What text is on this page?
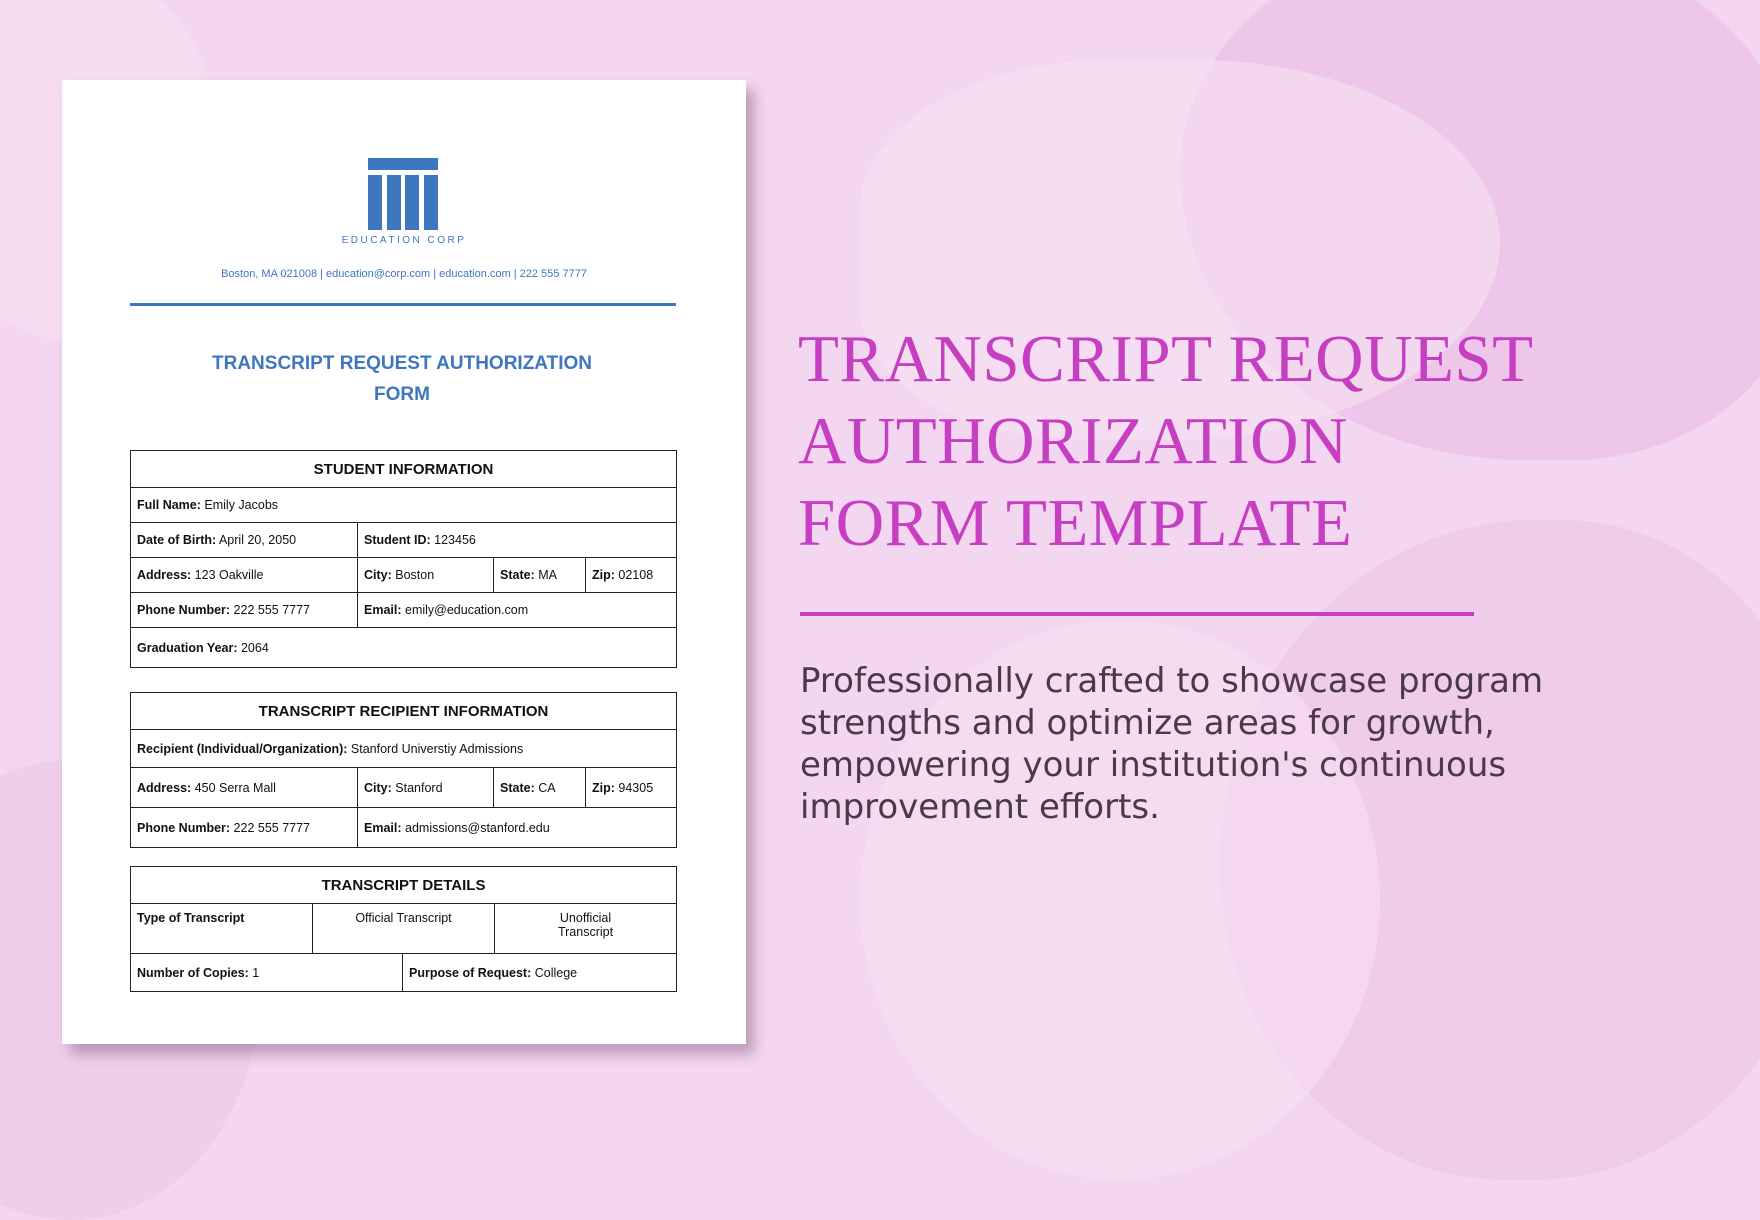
EDUCATION CORP
Boston, MA 021008 | education@corp.com | education.com | 222 555 7777
TRANSCRIPT REQUEST AUTHORIZATION
FORM
STUDENT INFORMATION			
Full Name: Emily Jacobs			
Date of Birth: April 20, 2050	Student ID: 123456		
Address: 123 Oakville	City: Boston	State: MA	Zip: 02108
Phone Number: 222 555 7777	Email: emily@education.com		
Graduation Year: 2064			
TRANSCRIPT RECIPIENT INFORMATION			
Recipient (Individual/Organization): Stanford Universtiy Admissions			
Address: 450 Serra Mall	City: Stanford	State: CA	Zip: 94305
Phone Number: 222 555 7777	Email: admissions@stanford.edu		
TRANSCRIPT DETAILS			
Type of Transcript	Official Transcript		Unofficial
Transcript
Number of Copies: 1		Purpose of Request: College	
TRANSCRIPT REQUEST
AUTHORIZATION
FORM TEMPLATE
Professionally crafted to showcase program strengths and optimize areas for growth, empowering your institution's continuous improvement efforts.
